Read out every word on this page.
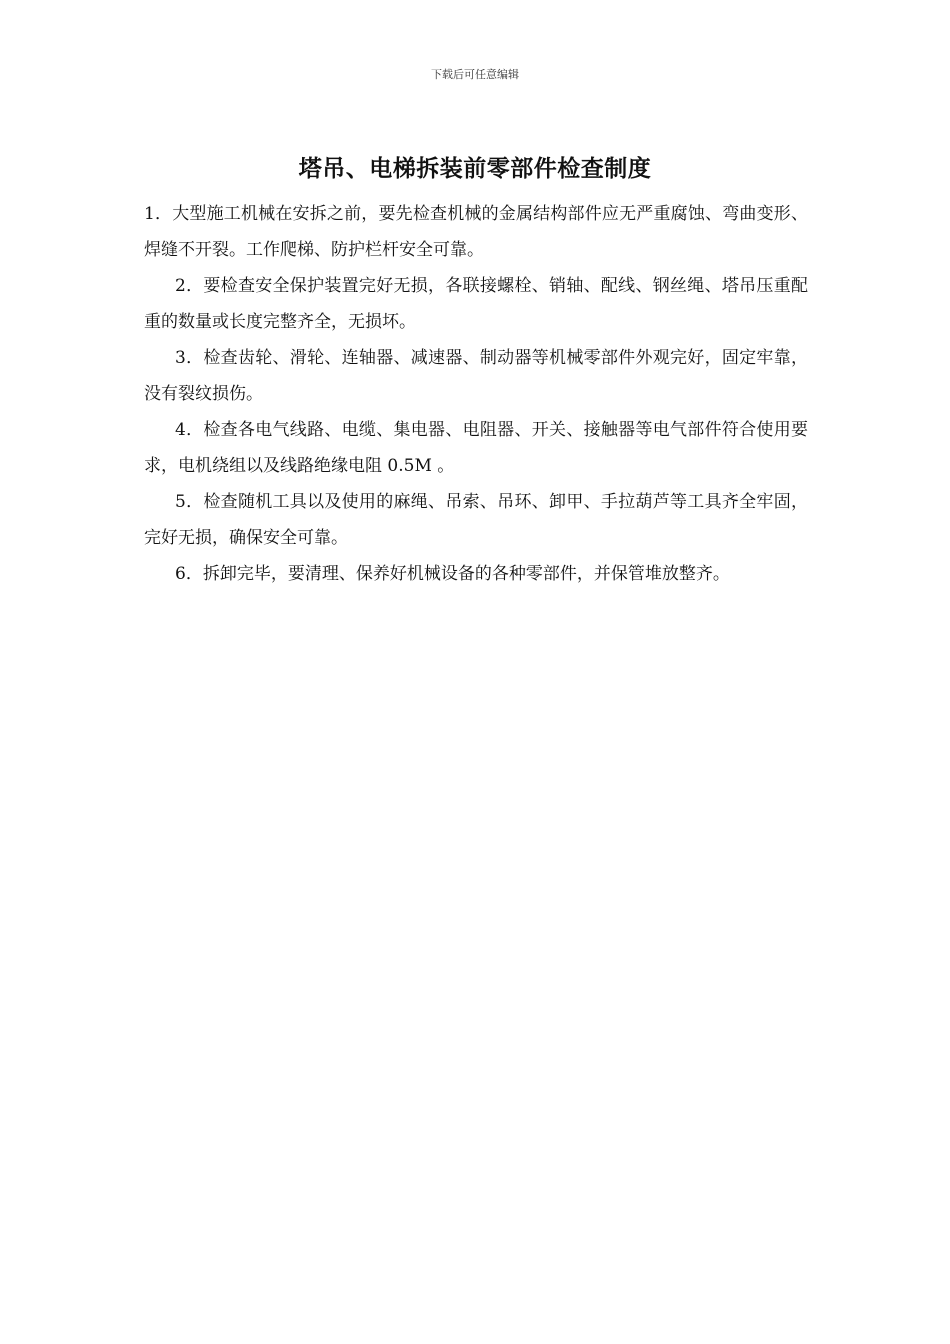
下载后可任意编辑
塔吊、电梯拆装前零部件检查制度

1．大型施工机械在安拆之前，要先检查机械的金属结构部件应无严重腐蚀、弯曲变形、焊缝不开裂。工作爬梯、防护栏杆安全可靠。

2．要检查安全保护装置完好无损，各联接螺栓、销轴、配线、钢丝绳、塔吊压重配重的数量或长度完整齐全，无损坏。

3．检查齿轮、滑轮、连轴器、减速器、制动器等机械零部件外观完好，固定牢靠，没有裂纹损伤。

4．检查各电气线路、电缆、集电器、电阻器、开关、接触器等电气部件符合使用要求，电机绕组以及线路绝缘电阻 0.5M 。

5．检查随机工具以及使用的麻绳、吊索、吊环、卸甲、手拉葫芦等工具齐全牢固，完好无损，确保安全可靠。

6．拆卸完毕，要清理、保养好机械设备的各种零部件，并保管堆放整齐。
